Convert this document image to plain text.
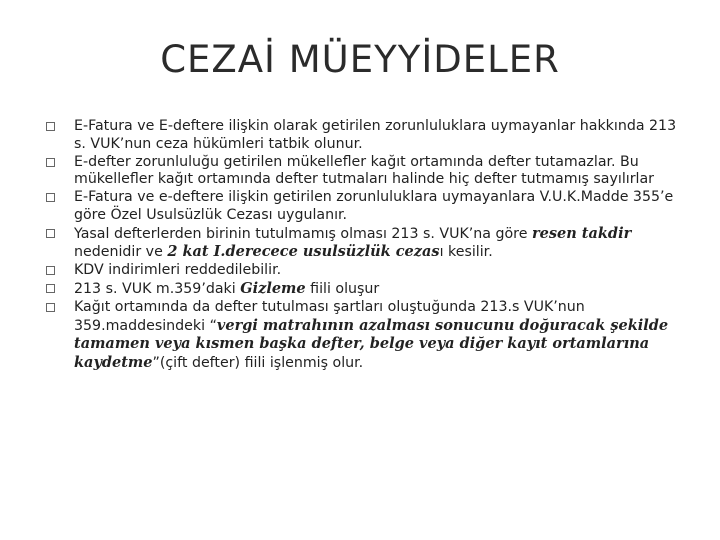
CEZAİ MÜEYYİDELER
E-Fatura ve E-deftere ilişkin olarak getirilen zorunluluklara uymayanlar hakkında 213 s. VUK’nun ceza hükümleri tatbik olunur.
E-defter zorunluluğu getirilen mükellefler kağıt ortamında defter tutamazlar. Bu mükellefler kağıt ortamında defter tutmaları halinde hiç defter tutmamış sayılırlar
E-Fatura ve e-deftere ilişkin getirilen zorunluluklara uymayanlara V.U.K.Madde 355’e göre Özel Usulsüzlük Cezası uygulanır.
Yasal defterlerden birinin tutulmamış olması 213 s. VUK’na göre resen takdir nedenidir ve 2 kat I.derecece usulsüzlük cezası kesilir.
KDV indirimleri reddedilebilir.
213 s. VUK m.359’daki Gizleme fiili oluşur
Kağıt ortamında da defter tutulması şartları oluştuğunda 213.s VUK’nun 359.maddesindeki “vergi matrahının azalması sonucunu doğuracak şekilde tamamen veya kısmen başka defter, belge veya diğer kayıt ortamlarına kaydetme”(çift defter) fiili işlenmiş olur.
